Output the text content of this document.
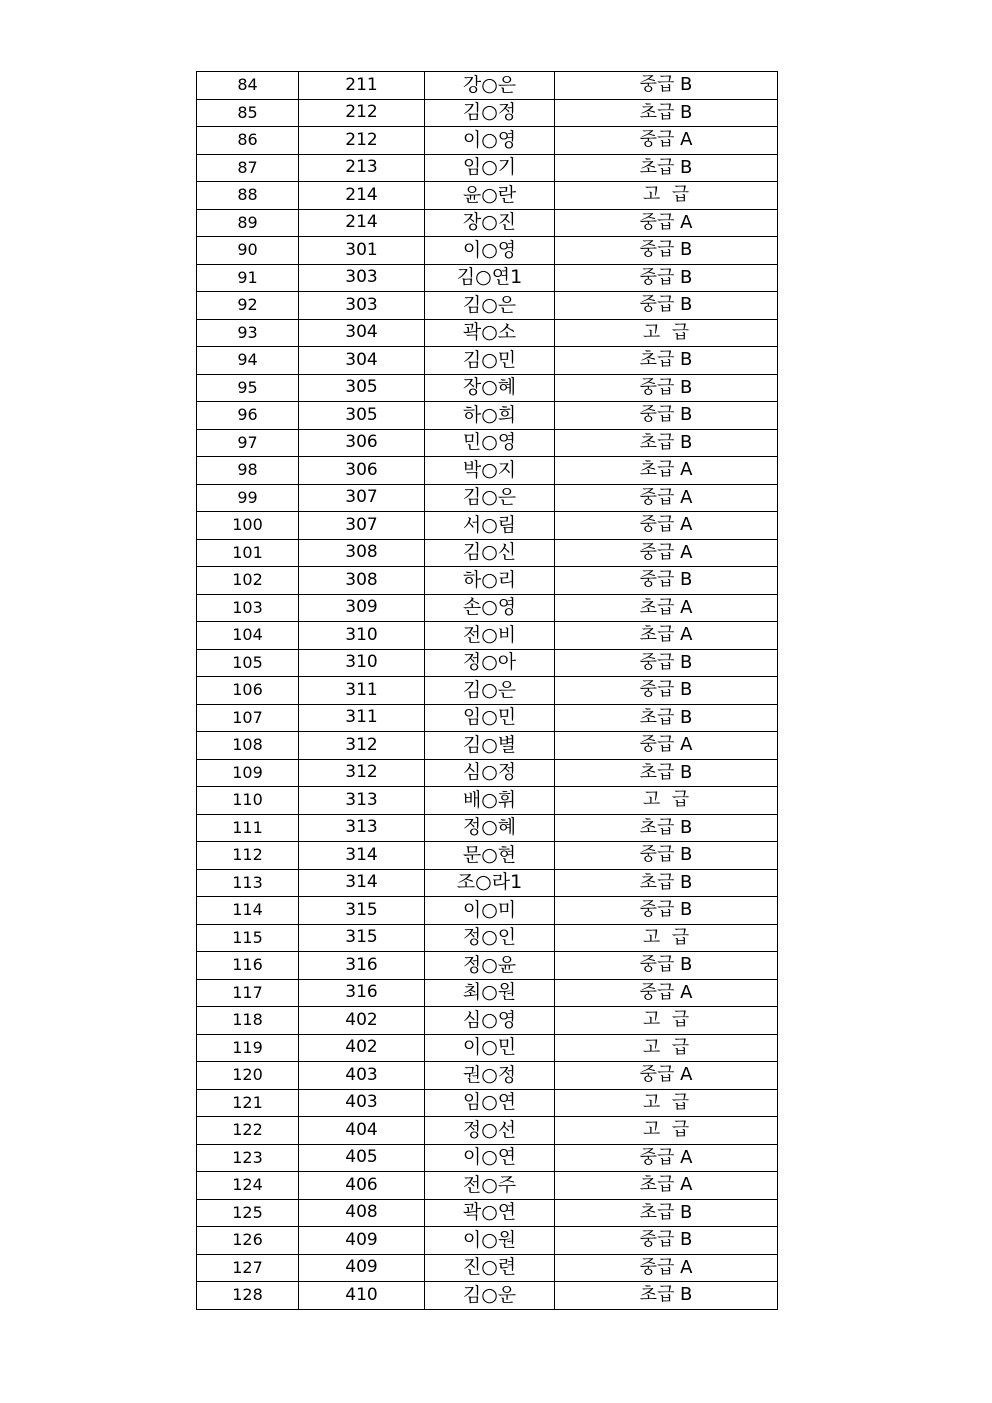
84	211	강○은	중급 B
85	212	김○정	초급 B
86	212	이○영	중급 A
87	213	임○기	초급 B
88	214	윤○란	고  급
89	214	장○진	중급 A
90	301	이○영	중급 B
91	303	김○연1	중급 B
92	303	김○은	중급 B
93	304	곽○소	고  급
94	304	김○민	초급 B
95	305	장○혜	중급 B
96	305	하○희	중급 B
97	306	민○영	초급 B
98	306	박○지	초급 A
99	307	김○은	중급 A
100	307	서○림	중급 A
101	308	김○신	중급 A
102	308	하○리	중급 B
103	309	손○영	초급 A
104	310	전○비	초급 A
105	310	정○아	중급 B
106	311	김○은	중급 B
107	311	임○민	초급 B
108	312	김○별	중급 A
109	312	심○정	초급 B
110	313	배○휘	고  급
111	313	정○혜	초급 B
112	314	문○현	중급 B
113	314	조○라1	초급 B
114	315	이○미	중급 B
115	315	정○인	고  급
116	316	정○윤	중급 B
117	316	최○원	중급 A
118	402	심○영	고  급
119	402	이○민	고  급
120	403	권○정	중급 A
121	403	임○연	고  급
122	404	정○선	고  급
123	405	이○연	중급 A
124	406	전○주	초급 A
125	408	곽○연	초급 B
126	409	이○원	중급 B
127	409	진○련	중급 A
128	410	김○운	초급 B
